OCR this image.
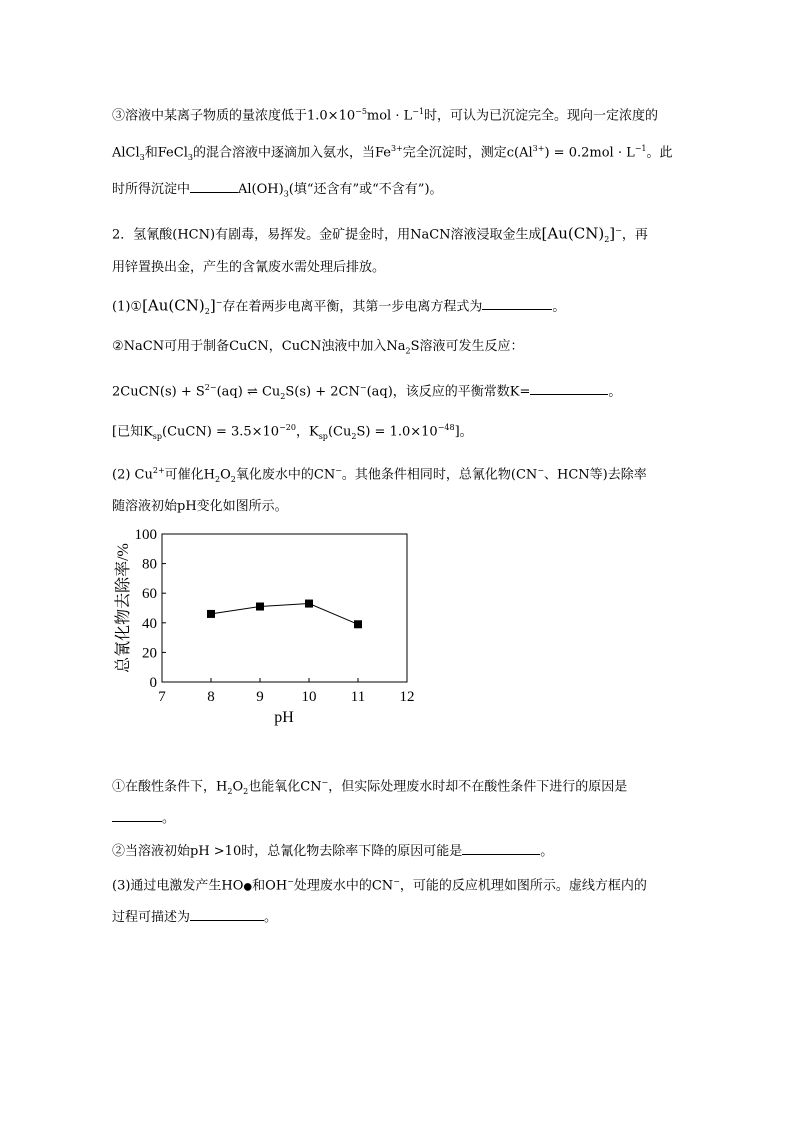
③溶液中某离子物质的量浓度低于$1.0\times 10^{-5}mol \cdot L^{-1}$时，可认为已沉淀完全。现向一定浓度的
AlCl$_3$和FeCl$_3$的混合溶液中逐滴加入氨水，当$Fe^{3+}$完全沉淀时，测定$c(Al^{3+}) = 0.2mol \cdot L^{-1}$。此
时所得沉淀中	$Al(OH)_3$(填“还含有”或“不含有”)。
2．氢氰酸(HCN)有剧毒，易挥发。金矿提金时，用NaCN溶液浸取金生成$[Au(CN)_2]^-$，再
用锌置换出金，产生的含氰废水需处理后排放。
$(1)①[Au(CN)_2]^-$存在着两步电离平衡，其第一步电离方程式为	。
②NaCN可用于制备CuCN，CuCN浊液中加入$Na_2S$溶液可发生反应：
2CuCN(s) + $S^{2-}(aq)$ ⇌ $Cu_2S(s) + 2CN^-(aq)$，该反应的平衡常数K=	。
[已知$K_{sp}(CuCN) = 3.5\times 10^{-20}$，$K_{sp}(Cu_2S) = 1.0\times 10^{-48}$]。
(2) $Cu^{2+}$可催化$H_2O_2$氧化废水中的CN−。其他条件相同时，总氰化物(CN−、HCN等)去除率
随溶液初始pH变化如图所示。
0
20
40
60
80
100
7	8	9	10 11 12
总氰化物去除率/%
pH
①在酸性条件下，$H_2O_2$也能氧化CN−，但实际处理废水时却不在酸性条件下进行的原因是
。
②当溶液初始pH >10时，总氰化物去除率下降的原因可能是	。
(3)通过电激发产生HO●和OH−处理废水中的CN−，可能的反应机理如图所示。虚线方框内的
过程可描述为	。
